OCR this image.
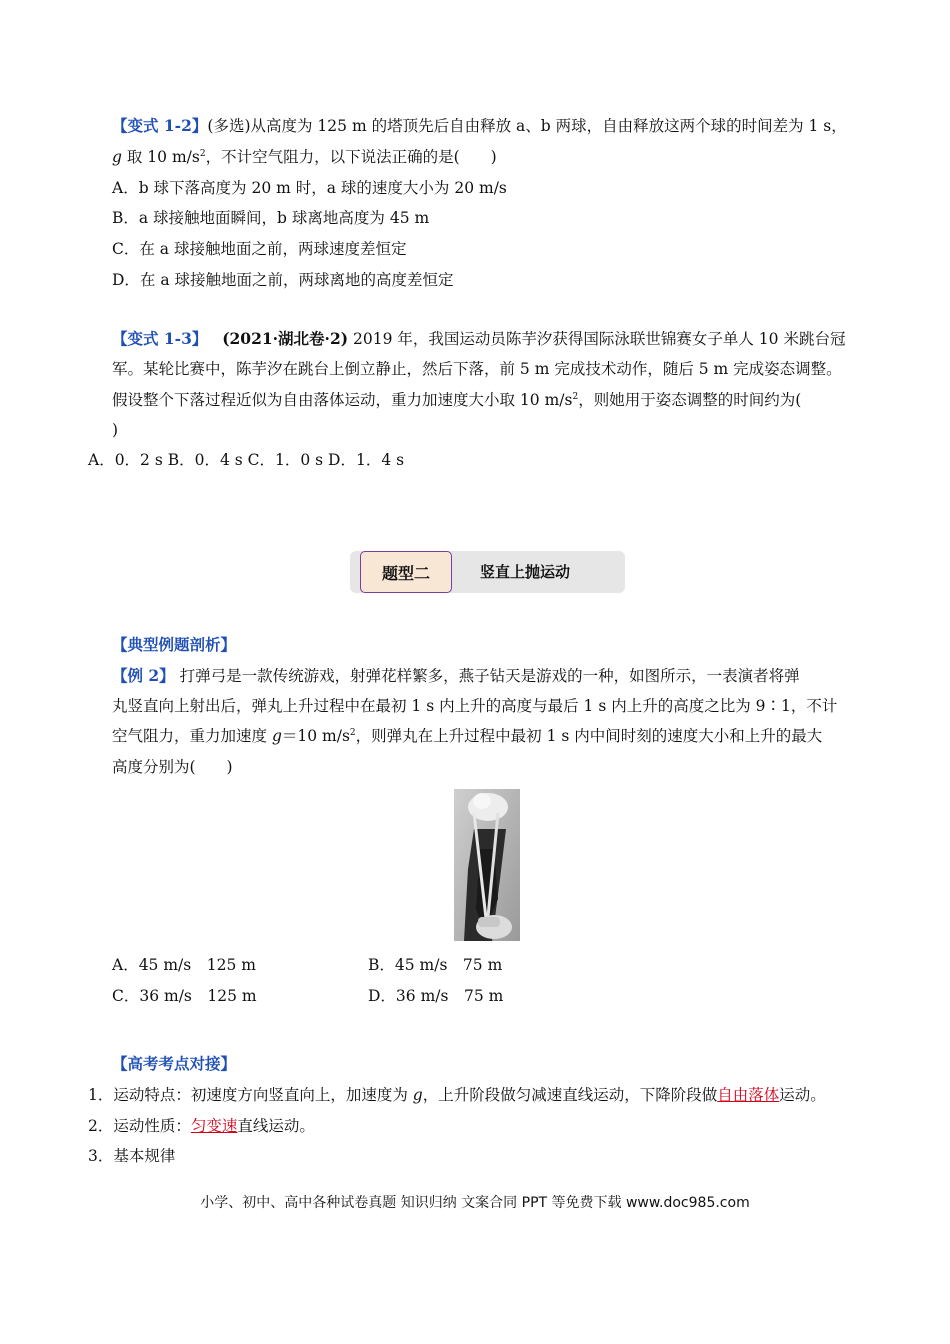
【变式 1-2】(多选)从高度为 125 m 的塔顶先后自由释放 a、b 两球，自由释放这两个球的时间差为 1 s，
g 取 10 $m/s^2$，不计空气阻力，以下说法正确的是(　　)
A．b 球下落高度为 20 m 时，a 球的速度大小为 20 m/s
B．a 球接触地面瞬间，b 球离地高度为 45 m
C．在 a 球接触地面之前，两球速度差恒定
D．在 a 球接触地面之前，两球离地的高度差恒定
【变式 1-3】 (2021·湖北卷·2) 2019 年，我国运动员陈芋汐获得国际泳联世锦赛女子单人 10 米跳台冠
军。某轮比赛中，陈芋汐在跳台上倒立静止，然后下落，前 5 m 完成技术动作，随后 5 m 完成姿态调整。
假设整个下落过程近似为自由落体运动，重力加速度大小取 10 $m/s^2$，则她用于姿态调整的时间约为(
)
A．0．2 s B．0．4 s C．1．0 s D．1．4 s
题型二	竖直上抛运动
【典型例题剖析】
【例 2】 打弹弓是一款传统游戏，射弹花样繁多，燕子钻天是游戏的一种，如图所示，一表演者将弹
丸竖直向上射出后，弹丸上升过程中在最初 1 s 内上升的高度与最后 1 s 内上升的高度之比为 9∶1，不计
空气阻力，重力加速度 g＝10 $m/s^2$，则弹丸在上升过程中最初 1 s 内中间时刻的速度大小和上升的最大
高度分别为(　　)
A．45 m/s　125 m	B．45 m/s　75 m
C．36 m/s　125 m	D．36 m/s　75 m
【高考考点对接】
1．运动特点：初速度方向竖直向上，加速度为 g，上升阶段做匀减速直线运动，下降阶段做自由落体运动。
2．运动性质：匀变速直线运动。
3．基本规律
小学、初中、高中各种试卷真题 知识归纳 文案合同 PPT 等免费下载 www.doc985.com
